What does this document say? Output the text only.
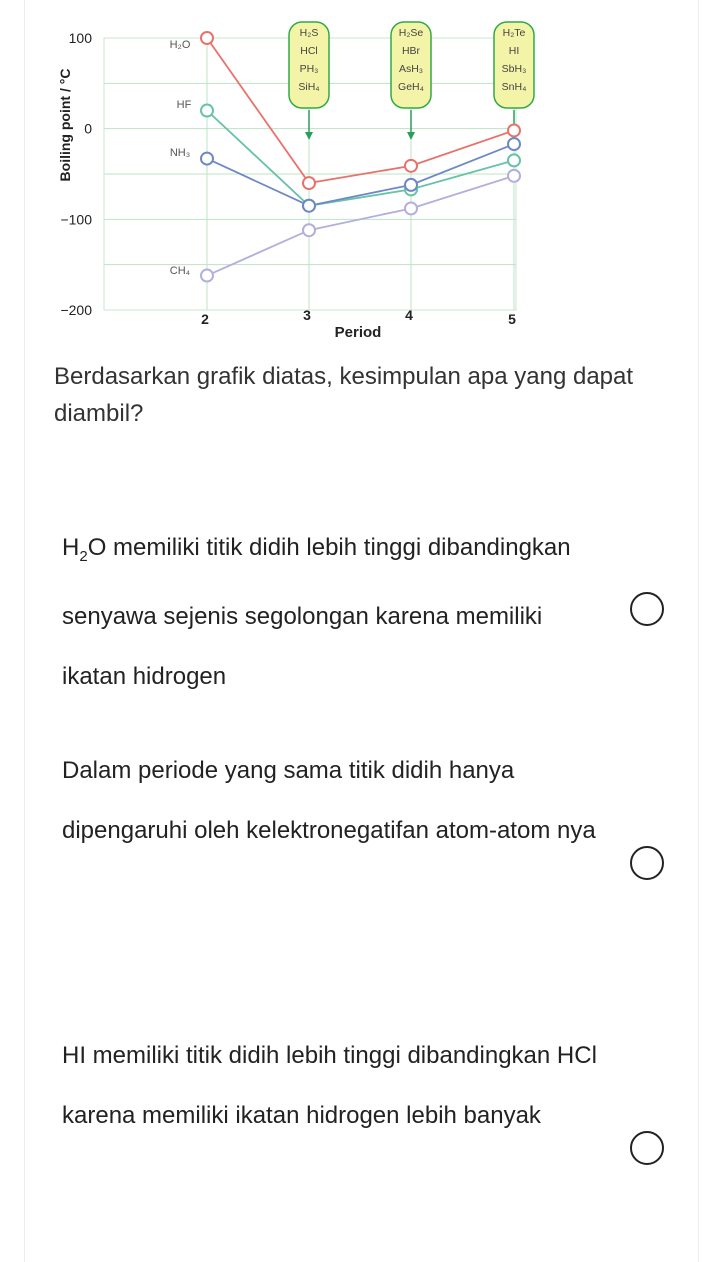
100
0
−100
−200
2	3	4	5
Boiling point / °C
Period
H₂S
HCl
PH₃
SiH₄
H₂Se
HBr
AsH₃
GeH₄
H₂Te
HI
SbH₃
SnH₄
H₂O
HF
NH₃
CH₄

Berdasarkan grafik diatas, kesimpulan apa yang dapat diambil?

$H_2O$ memiliki titik didih lebih tinggi dibandingkan senyawa sejenis segolongan karena memiliki ikatan hidrogen
Dalam periode yang sama titik didih hanya dipengaruhi oleh kelektronegatifan atom-atom nya
HI memiliki titik didih lebih tinggi dibandingkan HCl karena memiliki ikatan hidrogen lebih banyak
